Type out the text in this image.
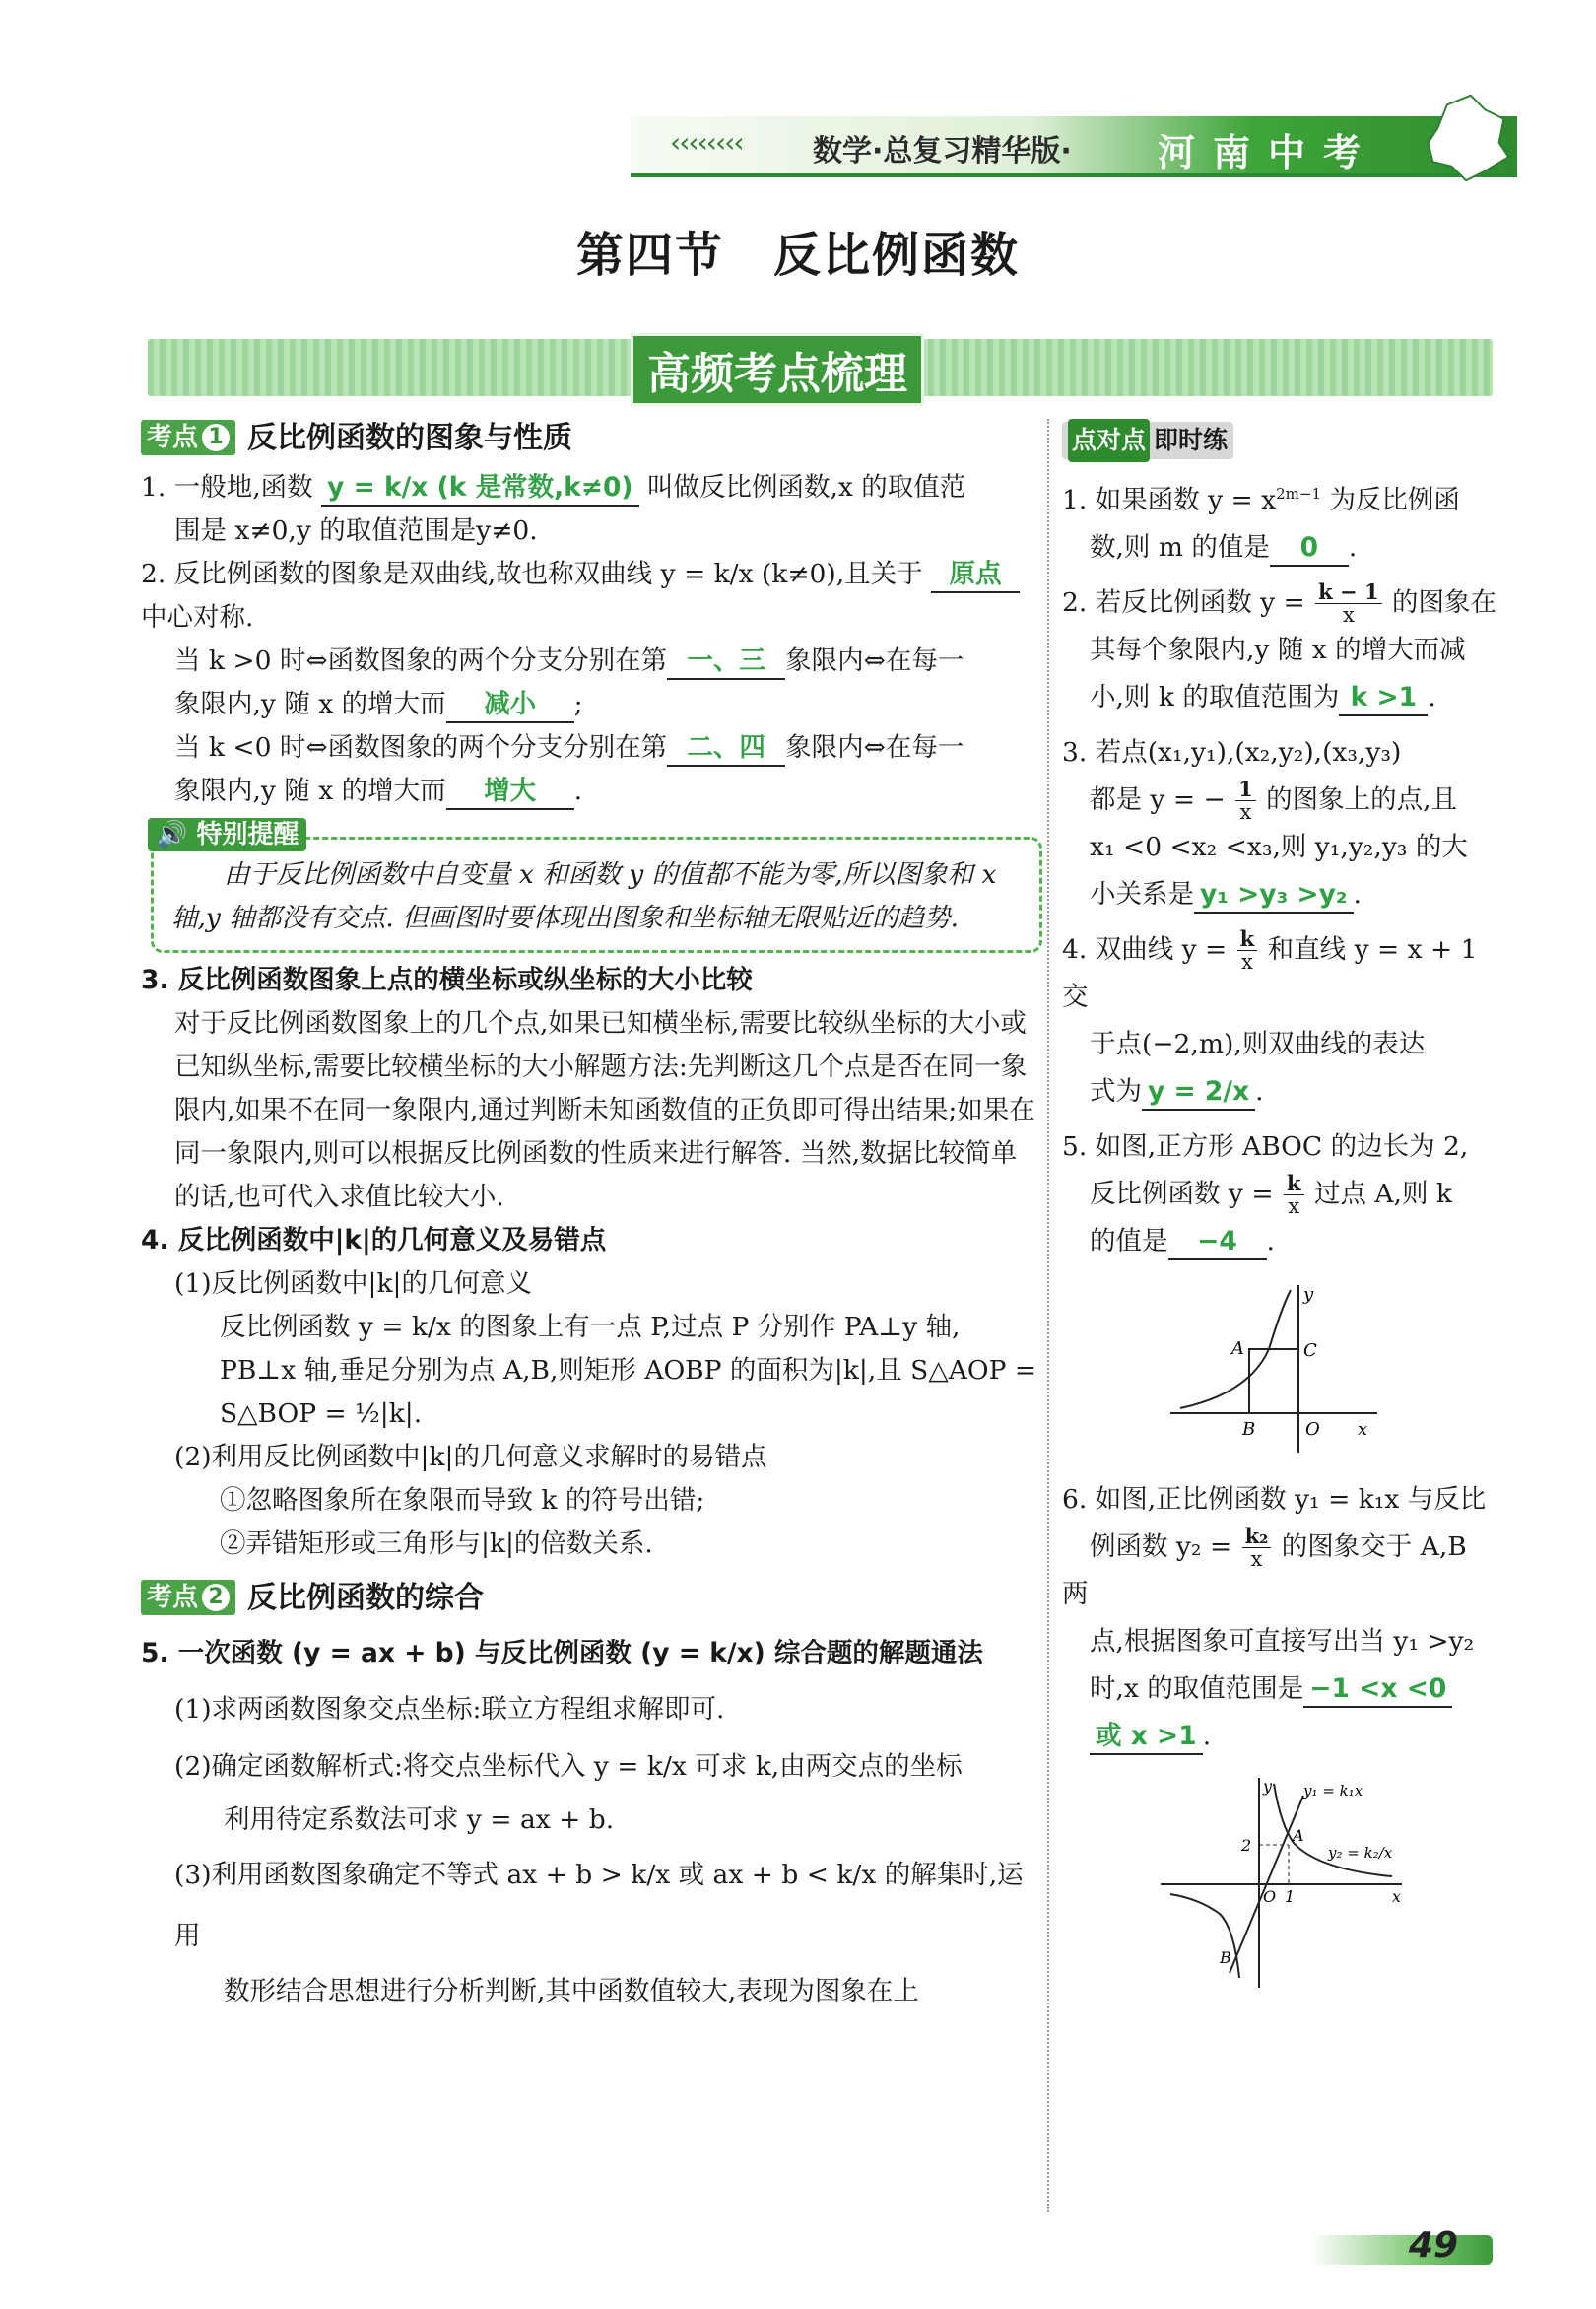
‹‹‹‹‹‹‹‹ 数学·总复习精华版· 河南中考
第四节　反比例函数
高频考点梳理
考点 1 反比例函数的图象与性质

1. 一般地,函数 y = k/x (k 是常数,k≠0) 叫做反比例函数,x 的取值范
围是 x≠0,y 的取值范围是y≠0.

2. 反比例函数的图象是双曲线,故也称双曲线 y = k/x (k≠0),且关于 原点 中心对称.

当 k >0 时⇔函数图象的两个分支分别在第 一、三 象限内⇔在每一
象限内,y 随 x 的增大而 减小 ;

当 k <0 时⇔函数图象的两个分支分别在第 二、四 象限内⇔在每一
象限内,y 随 x 的增大而 增大 .

🔊 特别提醒
由于反比例函数中自变量 x 和函数 y 的值都不能为零,所以图象和 x 轴,y 轴都没有交点. 但画图时要体现出图象和坐标轴无限贴近的趋势.

3. 反比例函数图象上点的横坐标或纵坐标的大小比较

对于反比例函数图象上的几个点,如果已知横坐标,需要比较纵坐标的大小或已知纵坐标,需要比较横坐标的大小解题方法:先判断这几个点是否在同一象限内,如果不在同一象限内,通过判断未知函数值的正负即可得出结果;如果在同一象限内,则可以根据反比例函数的性质来进行解答. 当然,数据比较简单的话,也可代入求值比较大小.

4. 反比例函数中|k|的几何意义及易错点

(1)反比例函数中|k|的几何意义

反比例函数 y = k/x 的图象上有一点 P,过点 P 分别作 PA⊥y 轴,

PB⊥x 轴,垂足分别为点 A,B,则矩形 AOBP 的面积为|k|,且 S△AOP =

S△BOP = ½|k|.

(2)利用反比例函数中|k|的几何意义求解时的易错点

①忽略图象所在象限而导致 k 的符号出错;

②弄错矩形或三角形与|k|的倍数关系.

考点 2 反比例函数的综合

5. 一次函数 (y = ax + b) 与反比例函数 (y = k/x) 综合题的解题通法

(1)求两函数图象交点坐标:联立方程组求解即可.

(2)确定函数解析式:将交点坐标代入 y = k/x 可求 k,由两交点的坐标

利用待定系数法可求 y = ax + b.

(3)利用函数图象确定不等式 ax + b > k/x 或 ax + b < k/x 的解集时,运用

数形结合思想进行分析判断,其中函数值较大,表现为图象在上

点对点 即时练
1. 如果函数 $y = x^{2m-1}$ 为反比例函
数,则 m 的值是 0 .
2. 若反比例函数 $y = \frac{k - 1}{x}$ 的图象在
其每个象限内,y 随 x 的增大而减
小,则 k 的取值范围为 k >1 .
3. 若点(x₁,y₁),(x₂,y₂),(x₃,y₃)
都是 y = − $\frac{1}{x}$ 的图象上的点,且
x₁ <0 <x₂ <x₃,则 y₁,y₂,y₃ 的大
小关系是 y₁ >y₃ >y₂ .
4. 双曲线 $y = \frac{k}{x}$ 和直线 y = x + 1 交
于点(−2,m),则双曲线的表达
式为 y = 2/x .
5. 如图,正方形 ABOC 的边长为 2,
反比例函数 $y = \frac{k}{x}$ 过点 A,则 k
的值是 −4 .
y
A	C
B	O x
6. 如图,正比例函数 y₁ = k₁x 与反比
例函数 $y_2 = \frac{\text{k₂}}{x}$ 的图象交于 A,B 两
点,根据图象可直接写出当 y₁ >y₂
时,x 的取值范围是 −1 <x <0
或 x >1 .
y y₁ = k₁x
y₂ = k₂/x
2
A
O 1	x
B
49
